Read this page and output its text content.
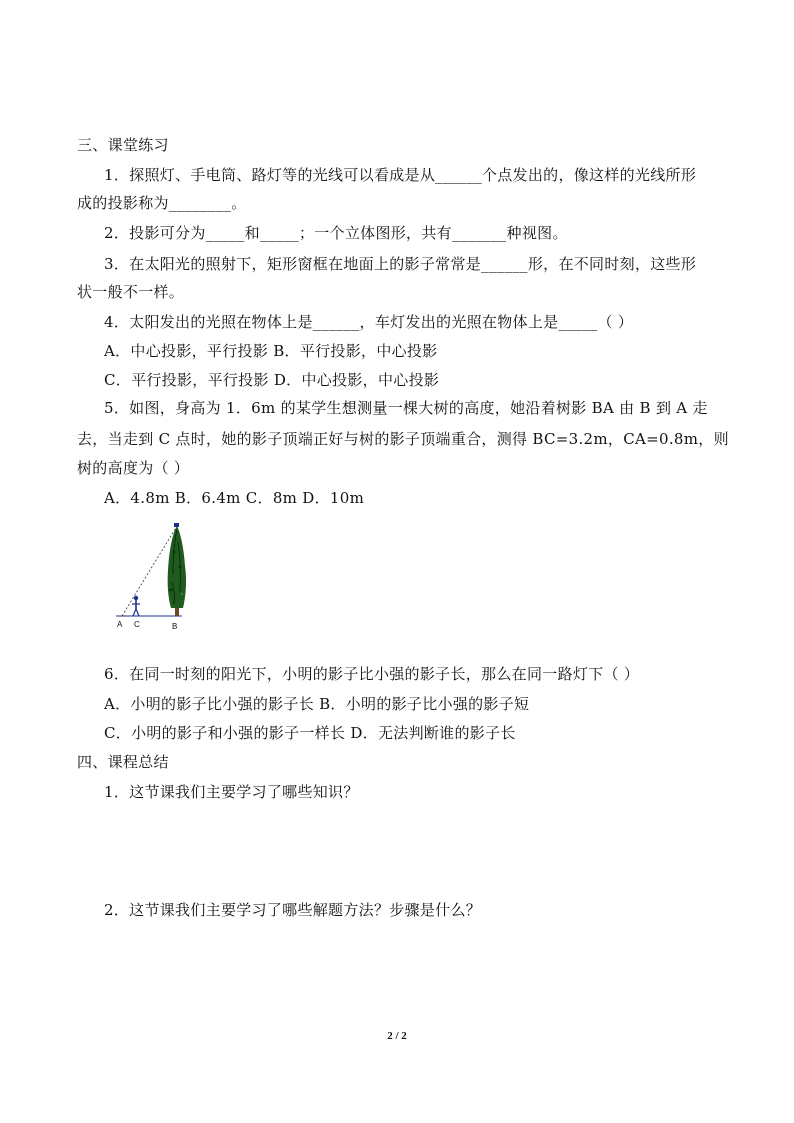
三、课堂练习
1．探照灯、手电筒、路灯等的光线可以看成是从______个点发出的，像这样的光线所形
成的投影称为________。
2．投影可分为_____和_____；一个立体图形，共有_______种视图。
3．在太阳光的照射下，矩形窗框在地面上的影子常常是______形，在不同时刻，这些形
状一般不一样。
4．太阳发出的光照在物体上是______，车灯发出的光照在物体上是_____（ ）
A．中心投影，平行投影 B．平行投影，中心投影
C．平行投影，平行投影 D．中心投影，中心投影
5．如图，身高为 1．6m 的某学生想测量一棵大树的高度，她沿着树影 BA 由 B 到 A 走
去，当走到 C 点时，她的影子顶端正好与树的影子顶端重合，测得 BC=3.2m，CA=0.8m，则
树的高度为（ ）
A．4.8m B．6.4m C．8m D．10m
A C	B
6．在同一时刻的阳光下，小明的影子比小强的影子长，那么在同一路灯下（ ）
A．小明的影子比小强的影子长 B．小明的影子比小强的影子短
C．小明的影子和小强的影子一样长 D．无法判断谁的影子长
四、课程总结
1．这节课我们主要学习了哪些知识？
2．这节课我们主要学习了哪些解题方法？步骤是什么？
2 / 2
